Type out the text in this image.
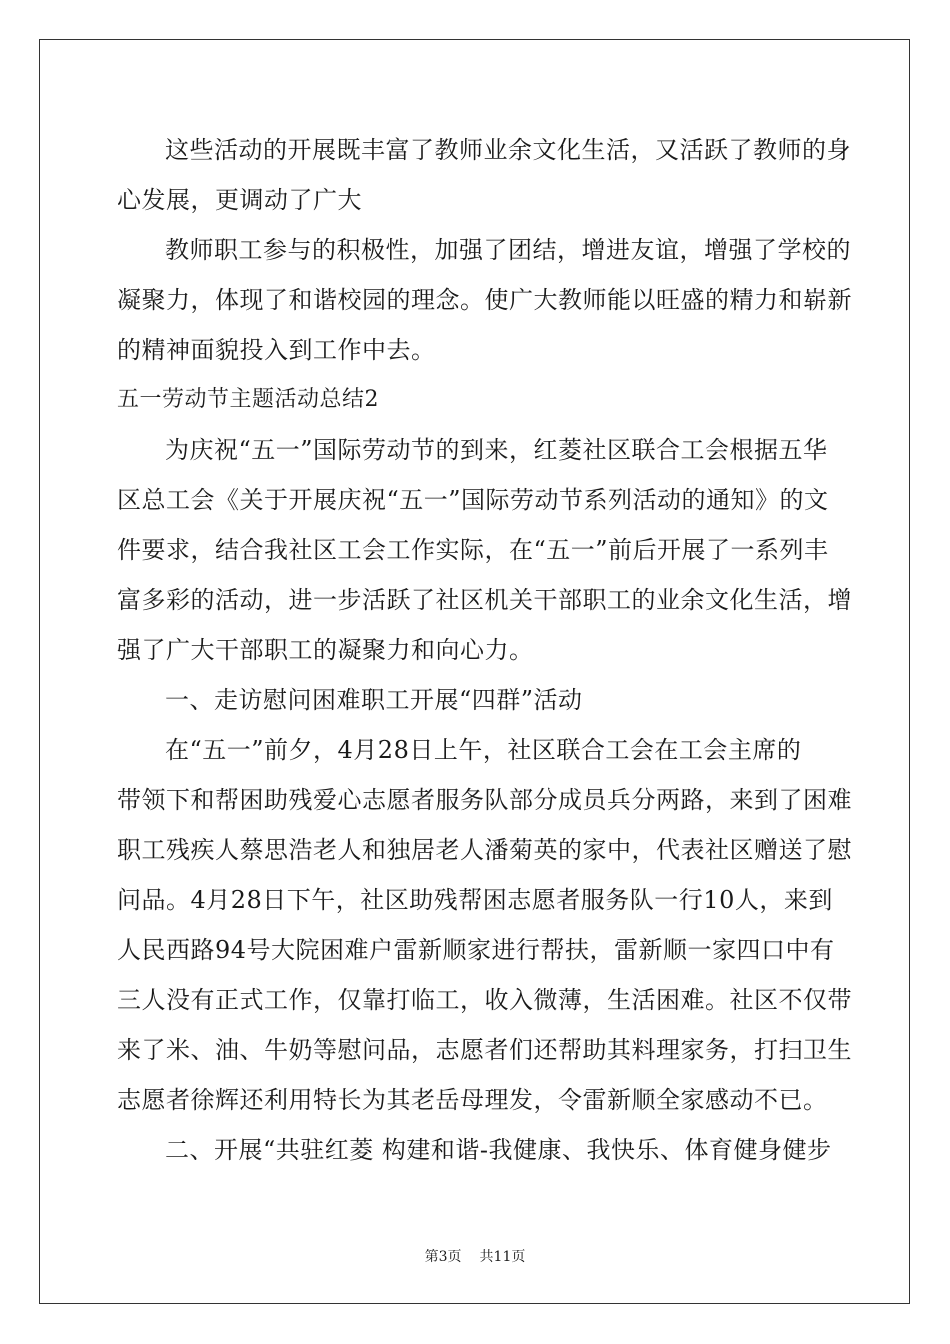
这些活动的开展既丰富了教师业余文化生活，又活跃了教师的身
心发展，更调动了广大
教师职工参与的积极性，加强了团结，增进友谊，增强了学校的
凝聚力，体现了和谐校园的理念。使广大教师能以旺盛的精力和崭新
的精神面貌投入到工作中去。
五一劳动节主题活动总结2
为庆祝“五一”国际劳动节的到来，红菱社区联合工会根据五华
区总工会《关于开展庆祝“五一”国际劳动节系列活动的通知》的文
件要求，结合我社区工会工作实际，在“五一”前后开展了一系列丰
富多彩的活动，进一步活跃了社区机关干部职工的业余文化生活，增
强了广大干部职工的凝聚力和向心力。
一、走访慰问困难职工开展“四群”活动
在“五一”前夕，4月28日上午，社区联合工会在工会主席的
带领下和帮困助残爱心志愿者服务队部分成员兵分两路，来到了困难
职工残疾人蔡思浩老人和独居老人潘菊英的家中，代表社区赠送了慰
问品。4月28日下午，社区助残帮困志愿者服务队一行10人，来到
人民西路94号大院困难户雷新顺家进行帮扶，雷新顺一家四口中有
三人没有正式工作，仅靠打临工，收入微薄，生活困难。社区不仅带
来了米、油、牛奶等慰问品，志愿者们还帮助其料理家务，打扫卫生
志愿者徐辉还利用特长为其老岳母理发，令雷新顺全家感动不已。
二、开展“共驻红菱 构建和谐-我健康、我快乐、体育健身健步
第3页 共11页
